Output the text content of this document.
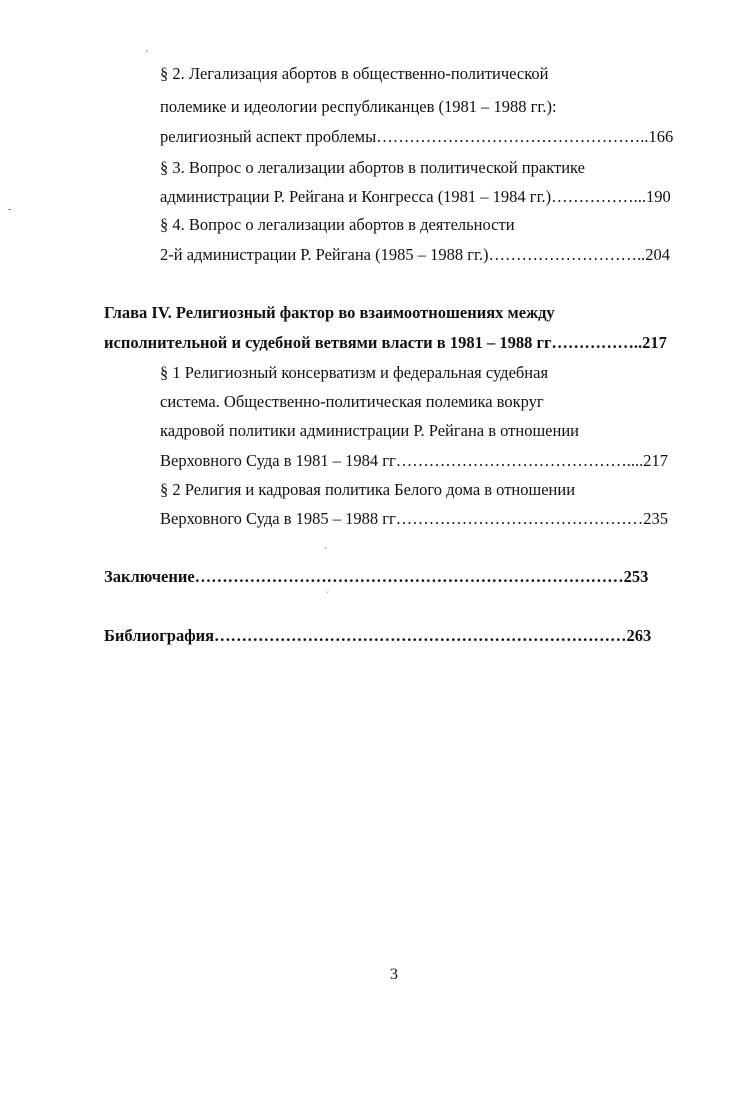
'
-
´
´

§ 2. Легализация абортов в общественно-политической

полемике и идеологии республиканцев (1981 – 1988 гг.):

религиозный аспект проблемы…………………………………………..166

§ 3. Вопрос о легализации абортов в политической практике

администрации Р. Рейгана и Конгресса (1981 – 1984 гг.)……………...190

§ 4. Вопрос о легализации абортов в деятельности

2-й администрации Р. Рейгана (1985 – 1988 гг.)………………………..204

Глава IV. Религиозный фактор во взаимоотношениях между

исполнительной и судебной ветвями власти в 1981 – 1988 гг……………..217

§ 1 Религиозный консерватизм и федеральная судебная

система. Общественно-политическая полемика вокруг

кадровой политики администрации Р. Рейгана в отношении

Верховного Суда в 1981 – 1984 гг……………………………………....217

§ 2 Религия и кадровая политика Белого дома в отношении

Верховного Суда в 1985 – 1988 гг………………………………………235

Заключение……………………………………………………………………253

Библиография…………………………………………………………………263

3
